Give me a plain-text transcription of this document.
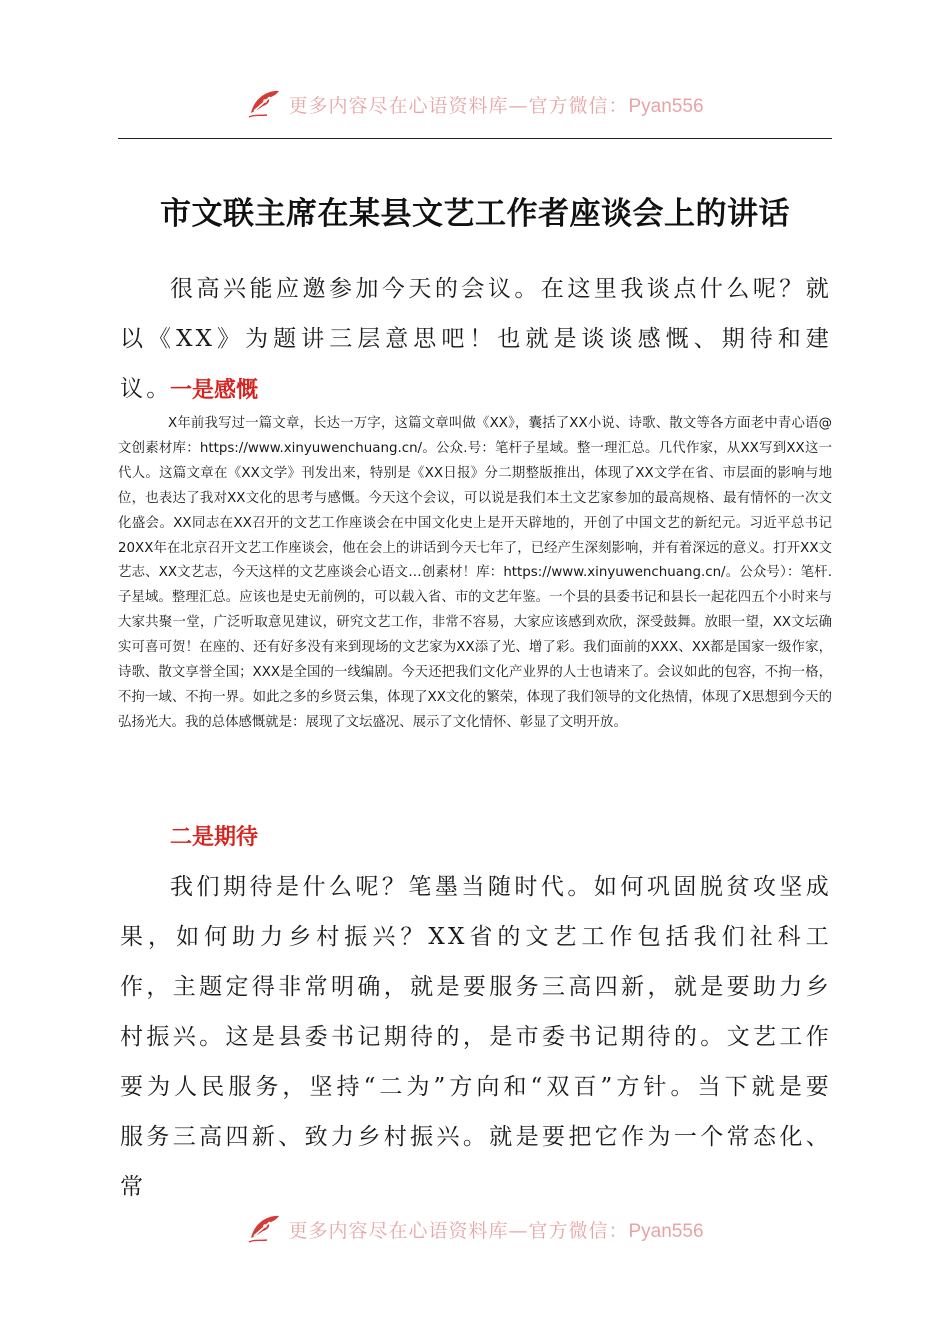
更多内容尽在心语资料库—官方微信：Pyan556
市文联主席在某县文艺工作者座谈会上的讲话

很高兴能应邀参加今天的会议。在这里我谈点什么呢？就以《XX》为题讲三层意思吧！也就是谈谈感慨、期待和建议。

一是感慨

X年前我写过一篇文章，长达一万字，这篇文章叫做《XX》，囊括了XX小说、诗歌、散文等各方面老中青心语@文创素材库：https://www.xinyuwenchuang.cn/。公众.号：笔杆子星域。整一理汇总。几代作家，从XX写到XX这一代人。这篇文章在《XX文学》刊发出来，特别是《XX日报》分二期整版推出，体现了XX文学在省、市层面的影响与地位，也表达了我对XX文化的思考与感慨。今天这个会议，可以说是我们本土文艺家参加的最高规格、最有情怀的一次文化盛会。XX同志在XX召开的文艺工作座谈会在中国文化史上是开天辟地的，开创了中国文艺的新纪元。习近平总书记20XX年在北京召开文艺工作座谈会，他在会上的讲话到今天七年了，已经产生深刻影响，并有着深远的意义。打开XX文艺志、XX文艺志，今天这样的文艺座谈会心语文…创素材！库：https://www.xinyuwenchuang.cn/。公众号）：笔杆.子星域。整理汇总。应该也是史无前例的，可以载入省、市的文艺年鉴。一个县的县委书记和县长一起花四五个小时来与大家共聚一堂，广泛听取意见建议，研究文艺工作，非常不容易，大家应该感到欢欣，深受鼓舞。放眼一望，XX文坛确实可喜可贺！在座的、还有好多没有来到现场的文艺家为XX添了光、增了彩。我们面前的XXX、XX都是国家一级作家，诗歌、散文享誉全国；XXX是全国的一线编剧。今天还把我们文化产业界的人士也请来了。会议如此的包容，不拘一格，不拘一域、不拘一界。如此之多的乡贤云集，体现了XX文化的繁荣，体现了我们领导的文化热情，体现了X思想到今天的弘扬光大。我的总体感慨就是：展现了文坛盛况、展示了文化情怀、彰显了文明开放。

二是期待

我们期待是什么呢？笔墨当随时代。如何巩固脱贫攻坚成果，如何助力乡村振兴？XX省的文艺工作包括我们社科工作，主题定得非常明确，就是要服务三高四新，就是要助力乡村振兴。这是县委书记期待的，是市委书记期待的。文艺工作要为人民服务，坚持“二为”方向和“双百”方针。当下就是要服务三高四新、致力乡村振兴。就是要把它作为一个常态化、常

更多内容尽在心语资料库—官方微信：Pyan556
